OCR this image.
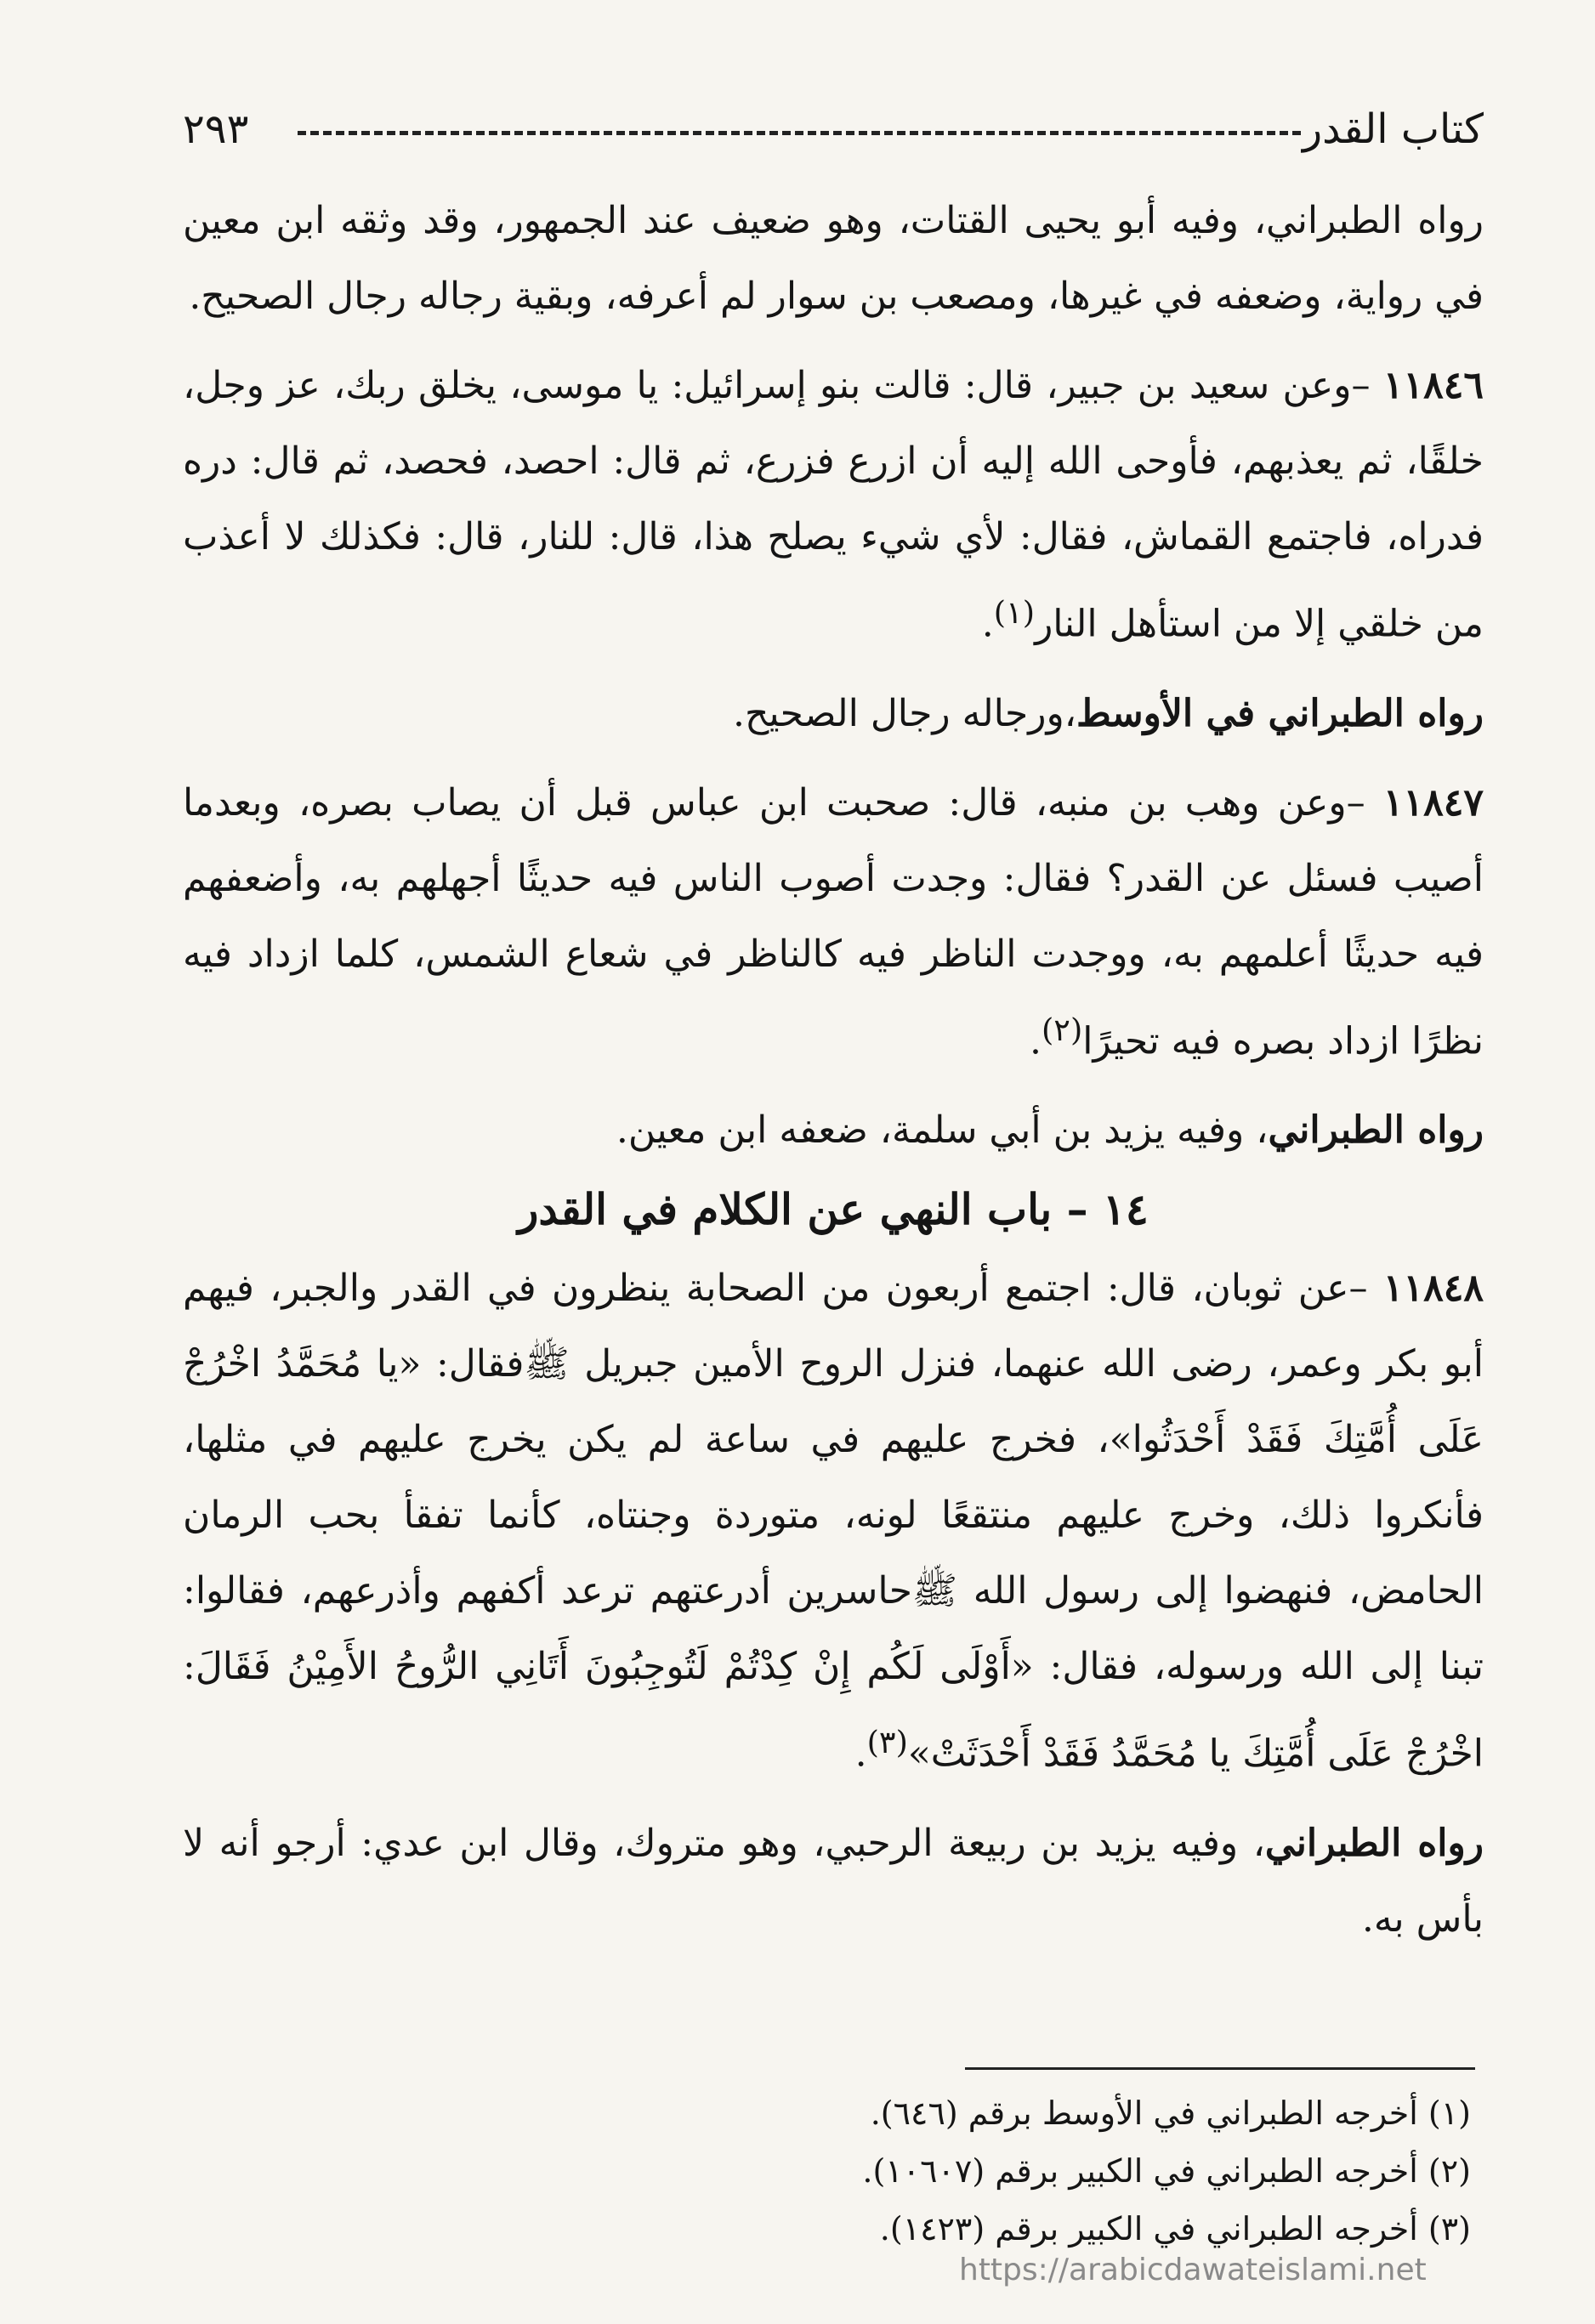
كتاب القدر
٢٩٣

رواه الطبراني، وفيه أبو يحيى القتات، وهو ضعيف عند الجمهور، وقد وثقه ابن معين في رواية، وضعفه في غيرها، ومصعب بن سوار لم أعرفه، وبقية رجاله رجال الصحيح.

١١٨٤٦ –وعن سعيد بن جبير، قال: قالت بنو إسرائيل: يا موسى، يخلق ربك، عز وجل، خلقًا، ثم يعذبهم، فأوحى الله إليه أن ازرع فزرع، ثم قال: احصد، فحصد، ثم قال: دره فدراه، فاجتمع القماش، فقال: لأي شيء يصلح هذا، قال: للنار، قال: فكذلك لا أعذب من خلقي إلا من استأهل النار$^{(١)}$.

رواه الطبراني في الأوسط،ورجاله رجال الصحيح.

١١٨٤٧ –وعن وهب بن منبه، قال: صحبت ابن عباس قبل أن يصاب بصره، وبعدما أصيب فسئل عن القدر؟ فقال: وجدت أصوب الناس فيه حديثًا أجهلهم به، وأضعفهم فيه حديثًا أعلمهم به، ووجدت الناظر فيه كالناظر في شعاع الشمس، كلما ازداد فيه نظرًا ازداد بصره فيه تحيرًا$^{(٢)}$.

رواه الطبراني، وفيه يزيد بن أبي سلمة، ضعفه ابن معين.

١٤ – باب النهي عن الكلام في القدر

١١٨٤٨ –عن ثوبان، قال: اجتمع أربعون من الصحابة ينظرون في القدر والجبر، فيهم أبو بكر وعمر، رضى الله عنهما، فنزل الروح الأمين جبريل ﷺفقال: «يا مُحَمَّدُ اخْرُجْ عَلَى أُمَّتِكَ فَقَدْ أَحْدَثُوا»، فخرج عليهم في ساعة لم يكن يخرج عليهم في مثلها، فأنكروا ذلك، وخرج عليهم منتقعًا لونه، متوردة وجنتاه، كأنما تفقأ بحب الرمان الحامض، فنهضوا إلى رسول الله ﷺحاسرين أدرعتهم ترعد أكفهم وأذرعهم، فقالوا: تبنا إلى الله ورسوله، فقال: «أَوْلَى لَكُم إِنْ كِدْتُمْ لَتُوجِبُونَ أَتَانِي الرُّوحُ الأَمِيْنُ فَقَالَ: اخْرُجْ عَلَى أُمَّتِكَ يا مُحَمَّدُ فَقَدْ أَحْدَثَتْ»$^{(٣)}$.

رواه الطبراني، وفيه يزيد بن ربيعة الرحبي، وهو متروك، وقال ابن عدي: أرجو أنه لا بأس به.

(١) أخرجه الطبراني في الأوسط برقم (٦٤٦).
(٢) أخرجه الطبراني في الكبير برقم (١٠٦٠٧).
(٣) أخرجه الطبراني في الكبير برقم (١٤٢٣).
https://arabicdawateislami.net
